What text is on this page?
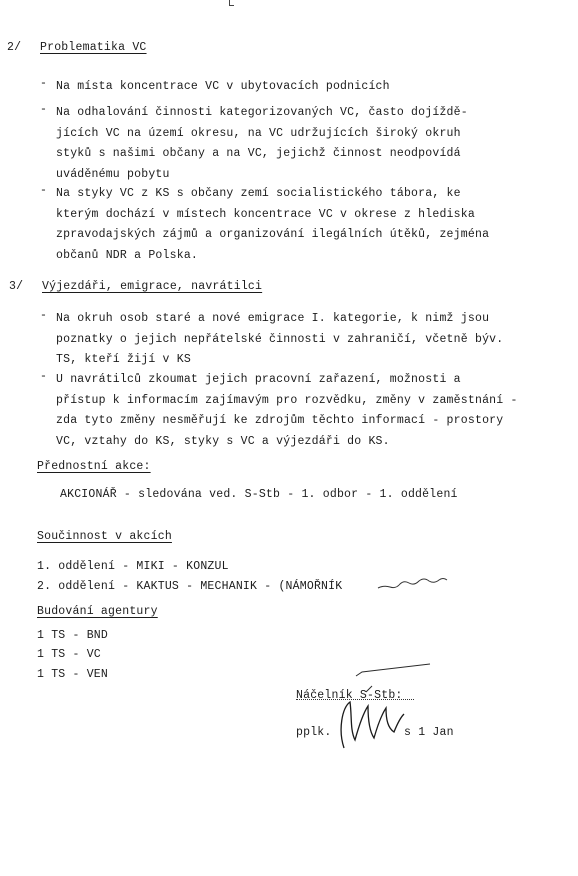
2/ Problematika VC
- Na místa koncentrace VC v ubytovacích podnicích
- Na odhalování činnosti kategorizovaných VC, často dojíždě-
jících VC na území okresu, na VC udržujících široký okruh
styků s našimi občany a na VC, jejichž činnost neodpovídá
uváděnému pobytu
- Na styky VC z KS s občany zemí socialistického tábora, ke
kterým dochází v místech koncentrace VC v okrese z hlediska
zpravodajských zájmů a organizování ilegálních útěků, zejména
občanů NDR a Polska.
3/ Výjezdáři, emigrace, navrátilci
- Na okruh osob staré a nové emigrace I. kategorie, k nimž jsou
poznatky o jejich nepřátelské činnosti v zahraničí, včetně býv.
TS, kteří žijí v KS
- U navrátilců zkoumat jejich pracovní zařazení, možnosti a
přístup k informacím zajímavým pro rozvědku, změny v zaměstnání -
zda tyto změny nesměřují ke zdrojům těchto informací - prostory
VC, vztahy do KS, styky s VC a výjezdáři do KS.
Přednostní akce:
AKCIONÁŘ - sledována ved. S-Stb - 1. odbor - 1. oddělení
Součinnost v akcích
1. oddělení - MIKI - KONZUL
2. oddělení - KAKTUS - MECHANIK - (NÁMOŘNÍK
Budování agentury
1 TS - BND
1 TS - VC
1 TS - VEN
Náčelník S-Stb:
pplk.	s 1 Jan
